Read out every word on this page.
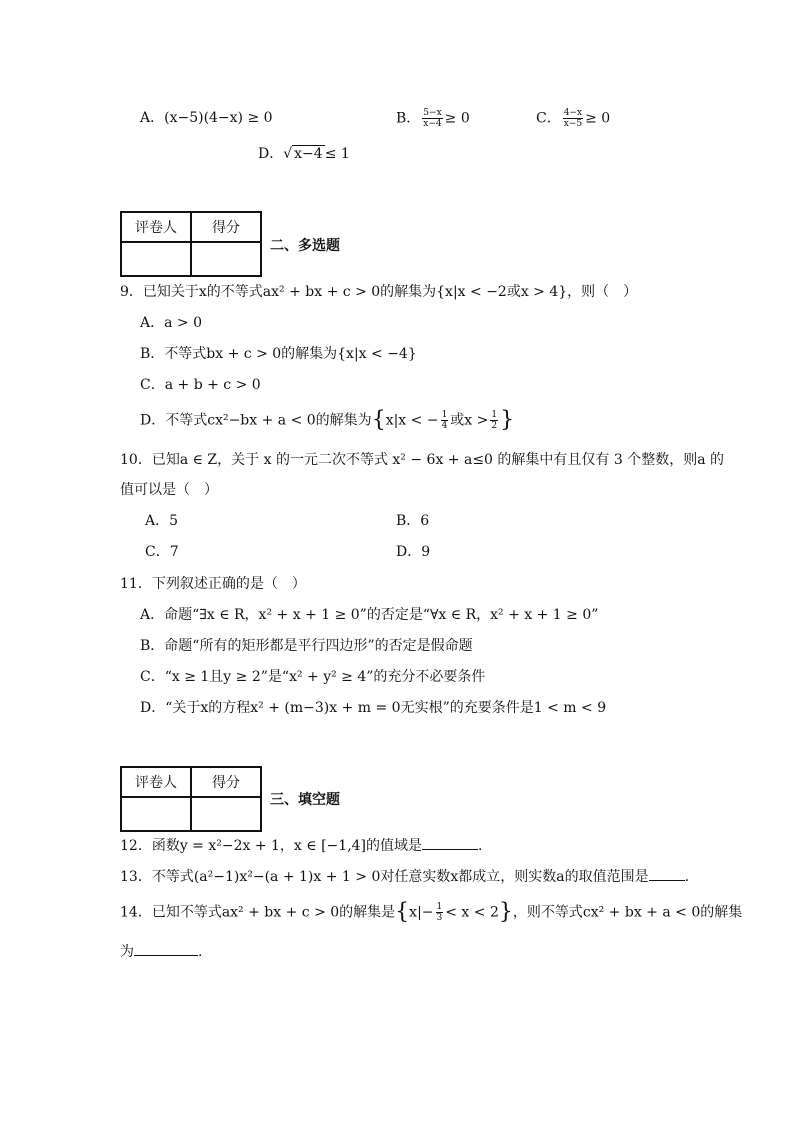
A．(x−5)(4−x) ≥ 0	B． $\frac{5-x}{x-4} \ge 0$	C． $\frac{4-x}{x-5} \ge 0$
D．√ x−4 ≤ 1
评卷人	得分

二、多选题
9．已知关于x的不等式ax² + bx + c > 0的解集为{x|x < −2或x > 4}，则（　）
A．a > 0
B．不等式bx + c > 0的解集为{x|x < −4}
C．a + b + c > 0
D．不等式cx²−bx + a < 0的解集为{x|x < − $\frac{1}{4}$ 或$x > \frac{1}{2}$ }
10．已知a ∈ Z，关于 x 的一元二次不等式 x² − 6x + a≤0 的解集中有且仅有 3 个整数，则a 的
值可以是（　）
A．5	B．6
C．7	D．9
11．下列叙述正确的是（　）
A．命题“∃x ∈ R，x² + x + 1 ≥ 0”的否定是“∀x ∈ R，x² + x + 1 ≥ 0”
B．命题“所有的矩形都是平行四边形”的否定是假命题
C．“x ≥ 1且y ≥ 2”是“x² + y² ≥ 4”的充分不必要条件
D．“关于x的方程x² + (m−3)x + m = 0无实根”的充要条件是1 < m < 9
评卷人	得分

三、填空题
12．函数y = x²−2x + 1，x ∈ [−1,4]的值域是	.
13．不等式(a²−1)x²−(a + 1)x + 1 > 0对任意实数x都成立，则实数a的取值范围是	.
14．已知不等式ax² + bx + c > 0的解集是$\{x|- \frac{1}{3} < x < 2\}$，则不等式cx² + bx + a < 0的解集
为	.
